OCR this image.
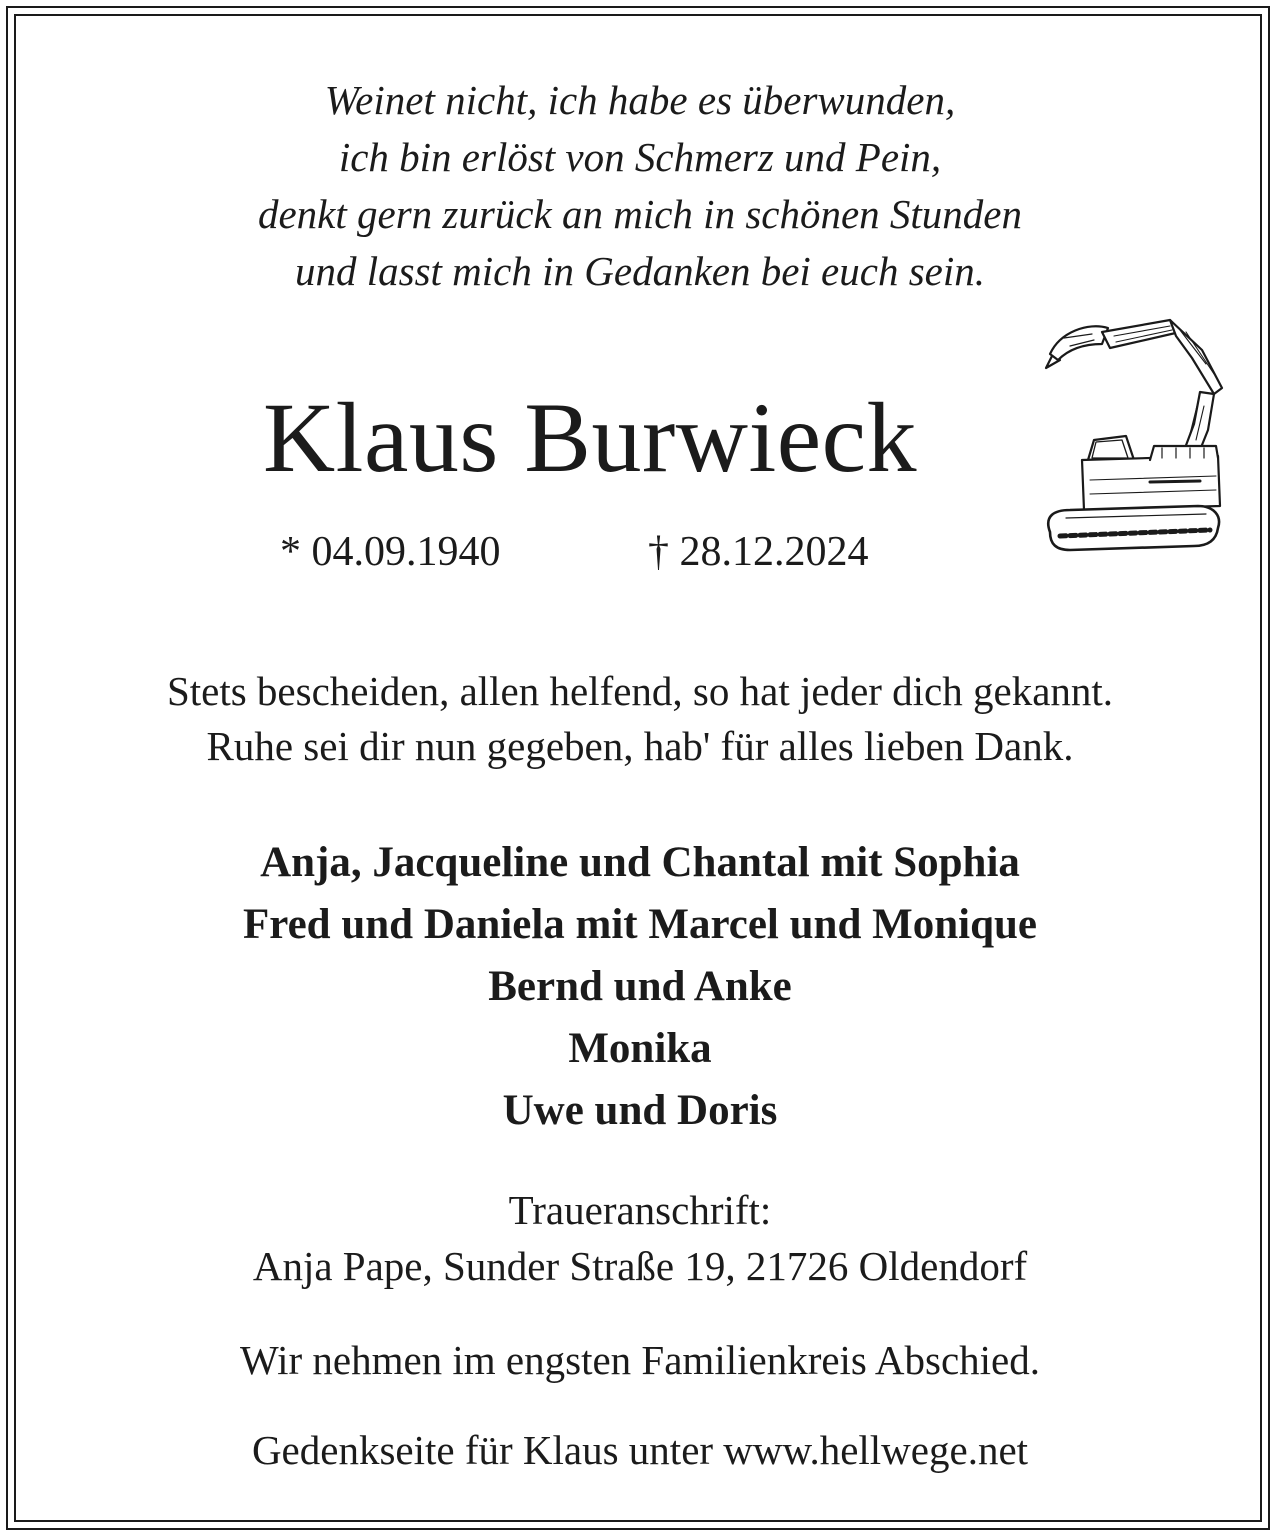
Weinet nicht, ich habe es überwunden,
ich bin erlöst von Schmerz und Pein,
denkt gern zurück an mich in schönen Stunden
und lasst mich in Gedanken bei euch sein.
Klaus Burwieck
* 04.09.1940	† 28.12.2024
Stets bescheiden, allen helfend, so hat jeder dich gekannt.
Ruhe sei dir nun gegeben, hab' für alles lieben Dank.
Anja, Jacqueline und Chantal mit Sophia
Fred und Daniela mit Marcel und Monique
Bernd und Anke
Monika
Uwe und Doris
Traueranschrift:
Anja Pape, Sunder Straße 19, 21726 Oldendorf
Wir nehmen im engsten Familienkreis Abschied.
Gedenkseite für Klaus unter www.hellwege.net
